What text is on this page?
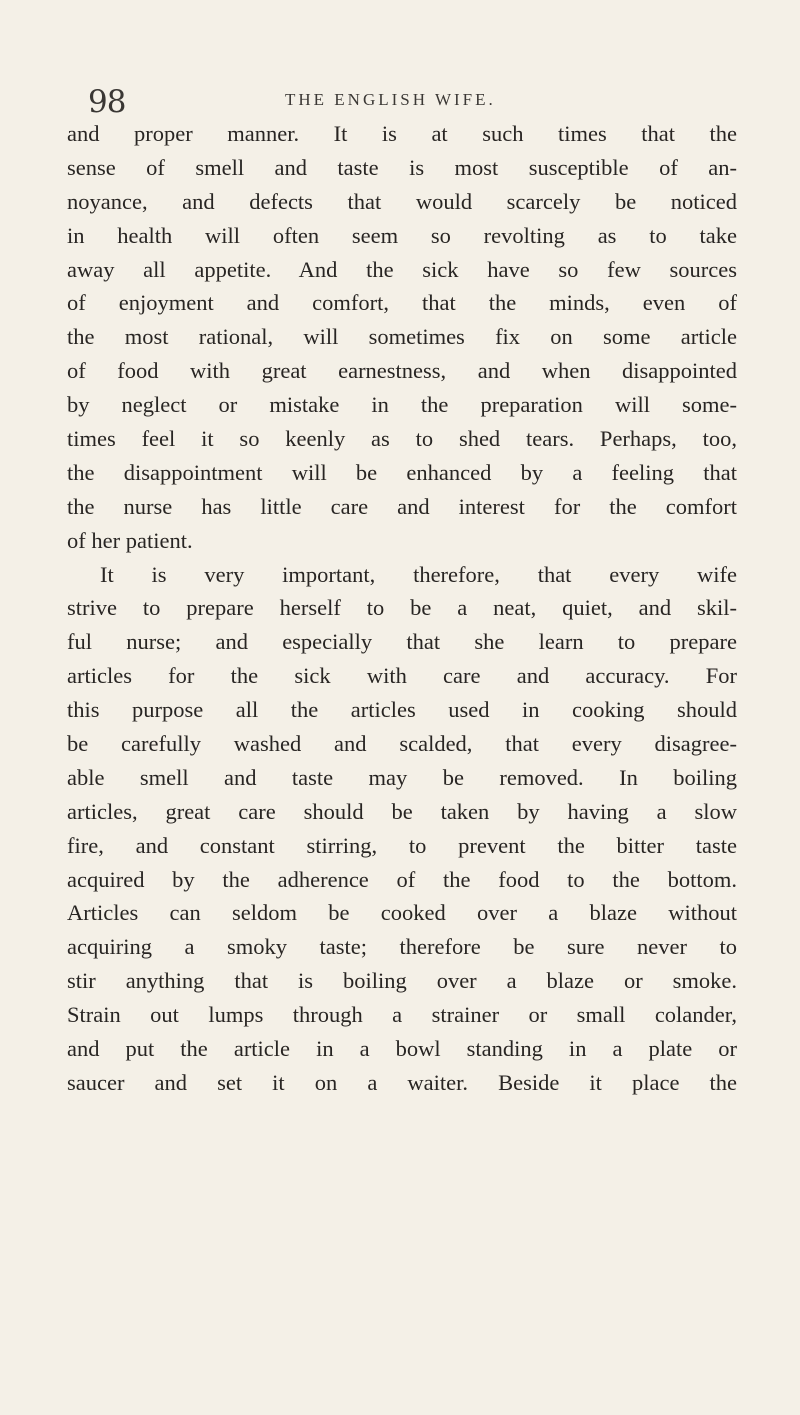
98	THE ENGLISH WIFE.
and proper manner. It is at such times that the
sense of smell and taste is most susceptible of an-
noyance, and defects that would scarcely be noticed
in health will often seem so revolting as to take
away all appetite. And the sick have so few sources
of enjoyment and comfort, that the minds, even of
the most rational, will sometimes fix on some article
of food with great earnestness, and when disappointed
by neglect or mistake in the preparation will some-
times feel it so keenly as to shed tears. Perhaps, too,
the disappointment will be enhanced by a feeling that
the nurse has little care and interest for the comfort
of her patient.
It is very important, therefore, that every wife
strive to prepare herself to be a neat, quiet, and skil-
ful nurse; and especially that she learn to prepare
articles for the sick with care and accuracy. For
this purpose all the articles used in cooking should
be carefully washed and scalded, that every disagree-
able smell and taste may be removed. In boiling
articles, great care should be taken by having a slow
fire, and constant stirring, to prevent the bitter taste
acquired by the adherence of the food to the bottom.
Articles can seldom be cooked over a blaze without
acquiring a smoky taste; therefore be sure never to
stir anything that is boiling over a blaze or smoke.
Strain out lumps through a strainer or small colander,
and put the article in a bowl standing in a plate or
saucer and set it on a waiter. Beside it place the
